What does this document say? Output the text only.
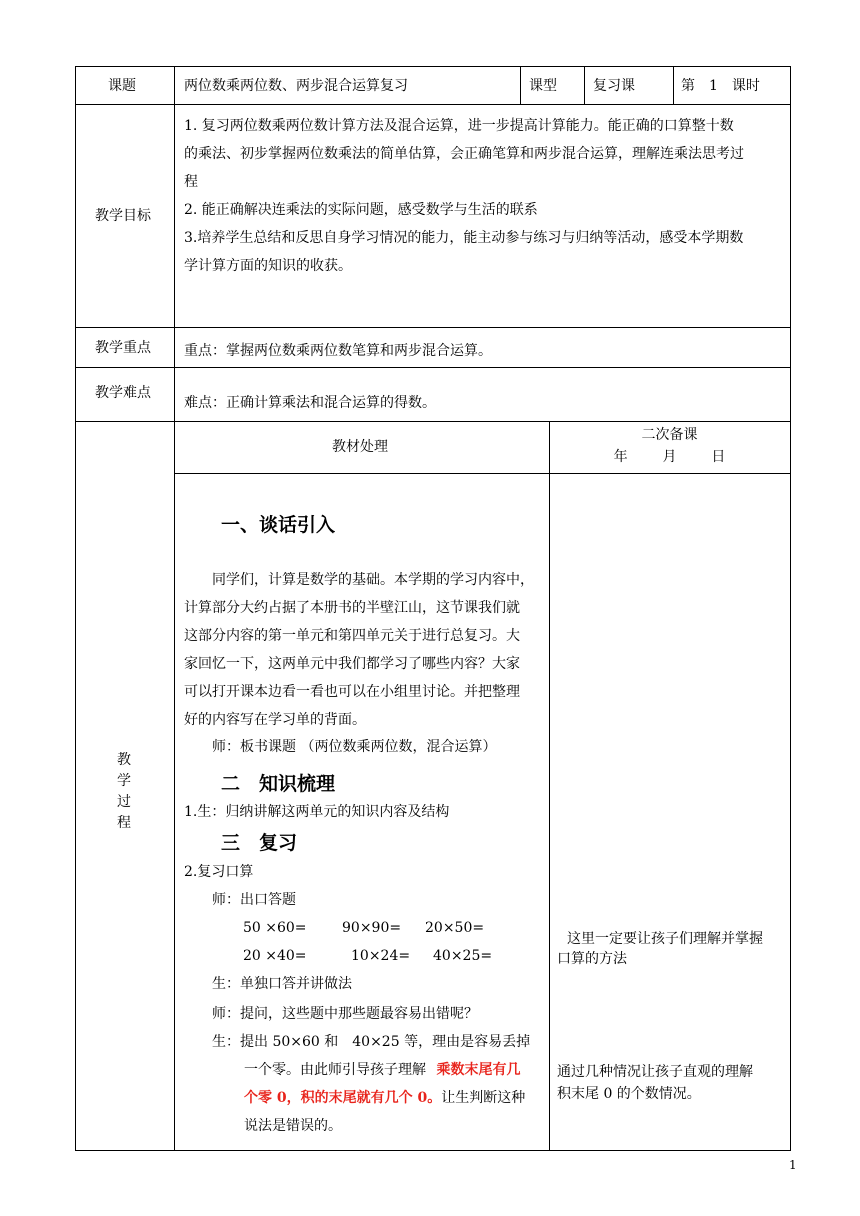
课题	两位数乘两位数、两步混合运算复习	课型	复习课	第 1 课时
教学目标
1. 复习两位数乘两位数计算方法及混合运算，进一步提高计算能力。能正确的口算整十数
的乘法、初步掌握两位数乘法的简单估算，会正确笔算和两步混合运算，理解连乘法思考过
程
2. 能正确解决连乘法的实际问题，感受数学与生活的联系
3.培养学生总结和反思自身学习情况的能力，能主动参与练习与归纳等活动，感受本学期数
学计算方面的知识的收获。
教学重点 重点：掌握两位数乘两位数笔算和两步混合运算。
教学难点
难点：正确计算乘法和混合运算的得数。
教
学
过
程
教材处理
二次备课
年 月 日
一、谈话引入
同学们，计算是数学的基础。本学期的学习内容中，
计算部分大约占据了本册书的半壁江山，这节课我们就
这部分内容的第一单元和第四单元关于进行总复习。大
家回忆一下，这两单元中我们都学习了哪些内容？大家
可以打开课本边看一看也可以在小组里讨论。并把整理
好的内容写在学习单的背面。
师：板书课题 （两位数乘两位数，混合运算）
二　知识梳理
1.生：归纳讲解这两单元的知识内容及结构
三　复习
2.复习口算
师：出口答题
50 ×60=	90×90= 20×50=
20 ×40=	10×24= 40×25=
生：单独口答并讲做法
师：提问，这些题中那些题最容易出错呢？
生：提出 50×60 和　40×25 等，理由是容易丢掉
一个零。由此师引导孩子理解 乘数末尾有几
个零 0，积的末尾就有几个 0。让生判断这种
说法是错误的。
这里一定要让孩子们理解并掌握
口算的方法
通过几种情况让孩子直观的理解
积末尾 0 的个数情况。
1
